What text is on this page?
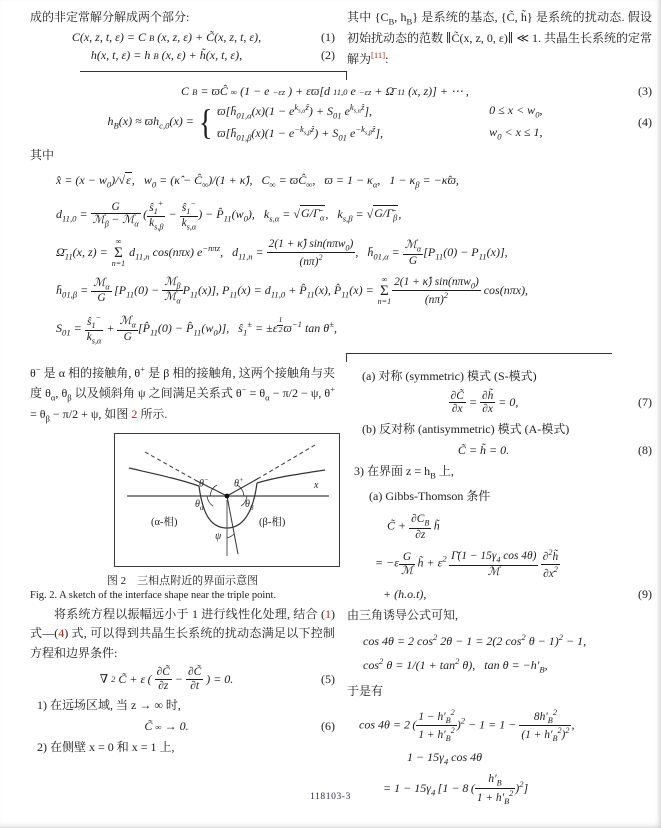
成的非定常解分解成两个部分:

C(x, z, t, ε) = C B (x, z, ε) + C̃(x, z, t, ε),	(1)
h(x, t, ε) = h B (x, ε) + h̃(x, t, ε),	(2)

其中 {$C_B$, $h_B$} 是系统的基态, {C̃, h̃} 是系统的扰动态. 假设初始扰动态的范数 ∥C̃(x, z, 0, ε)∥ ≪ 1. 共晶生长系统的定常解为[11]:

C B = ϖĈ ∞ (1 − e −εz ) + εϖ[d 11,0 e −εz + Ω̄ 11 (x, z)] + ⋯ ,	(3)
$h_B(x) \approx ϖh_{c,0}(x)$ = { $ϖ[h̄_{01,\alpha}(x)(1 - e^{k_{s,\alpha}ẑ}) + S_{01}$ $e^{k_{s,\alpha}ẑ}$],	$0 \le x < w_0$,
$ϖ[h̄_{01,\beta}(x)(1 - e^{-k_{s,\beta}ẑ}) + S_{01}$ $e^{-k_{s,\beta}ẑ}$],	$w_0 < x \le 1$,
(4)

其中

x̂ = $(x - w_0)/√\varepsilon$,  $w_0$ = (κ̂ − $Ĉ_\infty)/(1$ + κ̂),  $C_\infty$ = $ϖĈ_\infty$,  $ϖ = 1 - \kappa_\alpha$,  $1 - \kappa_\beta$ = −κ̂ϖ,
$d_{11,0}$ =	G
ℳ$_\beta$ − ℳ$_\alpha$
 ( $\frac{ŝ_1^+}{k_{s,\beta}} - \frac{ŝ_1^-}{k_{s,\alpha}}$ ) − $P̂_{11}(w_0)$,  $k_{s,\alpha}$ = $√G/\Gammā_\alpha$,  $k_{s,\beta}$ = $√G/\Gammā_\beta$,
$\Omegā_{11}(x$, z) =
∞
Σ
n=1
$d_{11,n}$ cos(nπx) $e^{-n\pi z}$,  $d_{11,n}$ =
2(1 + κ̂) sin(nπw$_0$)
$(n\pi)^2$	,  $h̄_{01,\alpha}$ = ℳ$_\alpha$
G
$[P_{11}(0) - P_{11}(x)]$,
$h̄_{01,\beta}$ = ℳ$_\alpha$
G
 [$P_{11}(0)$ −
ℳ$_\beta$
ℳ$_\alpha$
$P_{11}(x)$], $P_{11}(x) = d_{11,0}$ + $P̂_{11}(x)$, $P̂_{11}(x)$ =
∞
Σ
n=1
2(1 + κ̂) sin(nπw$_0$)
$(n\pi)^2$	cos(nπx),
$S_{01} = \frac{ŝ_1^-}{k_{s,\alpha}}$ + ℳ$_\alpha$
G
[$P̂_{11}(0)$ − $P̂_{11}(w_0)$],  $ŝ_1^\pm = \pm\varepsilon$ $^{\frac{1}{2}}$ $ϖ^{-1}$ tan θ±,

θ− 是 α 相的接触角, θ+ 是 β 相的接触角, 这两个接触角与夹度 $\theta_\alpha$, $\theta_\beta$ 以及倾斜角 ψ 之间满足关系式 $\theta^- = \theta_\alpha - \pi/2 - \psi$, $\theta^+ = \theta_\beta - \pi/2 + \psi$, 如图 2 所示.

x
θ−	θ+
$\theta_\alpha$	$\theta_\beta$
ψ
(α-相)	(β-相)

图 2 三相点附近的界面示意图

Fig. 2. A sketch of the interface shape near the triple point.

将系统方程以振幅远小于 1 进行线性化处理, 结合 (1) 式—(4) 式, 可以得到共晶生长系统的扰动态满足以下控制方程和边界条件:

∇ 2 C̃ + ε ( ∂C̃
∂z − ∂C̃
∂t ) = 0.	(5)

1) 在远场区域, 当 z → ∞ 时,

C̃ ∞ → 0.	(6)

2) 在侧壁 x = 0 和 x = 1 上,

(a) 对称 (symmetric) 模式 (S-模式)

∂C̃
∂x = ∂h̃
∂x = 0,	(7)

(b) 反对称 (antisymmetric) 模式 (A-模式)

C̃ = h̃ = 0.	(8)

3) 在界面 $z = h_B$ 上,

(a) Gibbs-Thomson 条件

C̃ + $\frac{\partial C_B}{\partial z}$  h̃
= −ε G
ℳ
 h̃ + $\varepsilon^2$  Γ̄(1 − $15\gamma_4$ cos 4θ)
ℳ
 	$\frac{\partial^2h̃}{\partial x^2}$
+ (h.o.t),	(9)

由三角诱导公式可知,

cos 4θ = 2 $\cos^2 2\theta - 1 = 2(2$ $\cos^2 \theta - 1)^2 - 1$,
$\cos^2 \theta = 1/(1 + \tan^2 \theta)$,  $\tan \theta = -h'_B$,

于是有

cos 4θ = 2 ( $\frac{1 - h'_B^2}{1 + h'_B^2} )^2 - 1 = 1 - \frac{8h'_B^2}{(1 + h'_B^2)^2}$ ,
$1 - 15\gamma_4$ cos 4θ
= $1 - 15\gamma_4$ [1 − 8 ( $\frac{h'_B}{1 + h'_B^2} )^2$]
118103-3
